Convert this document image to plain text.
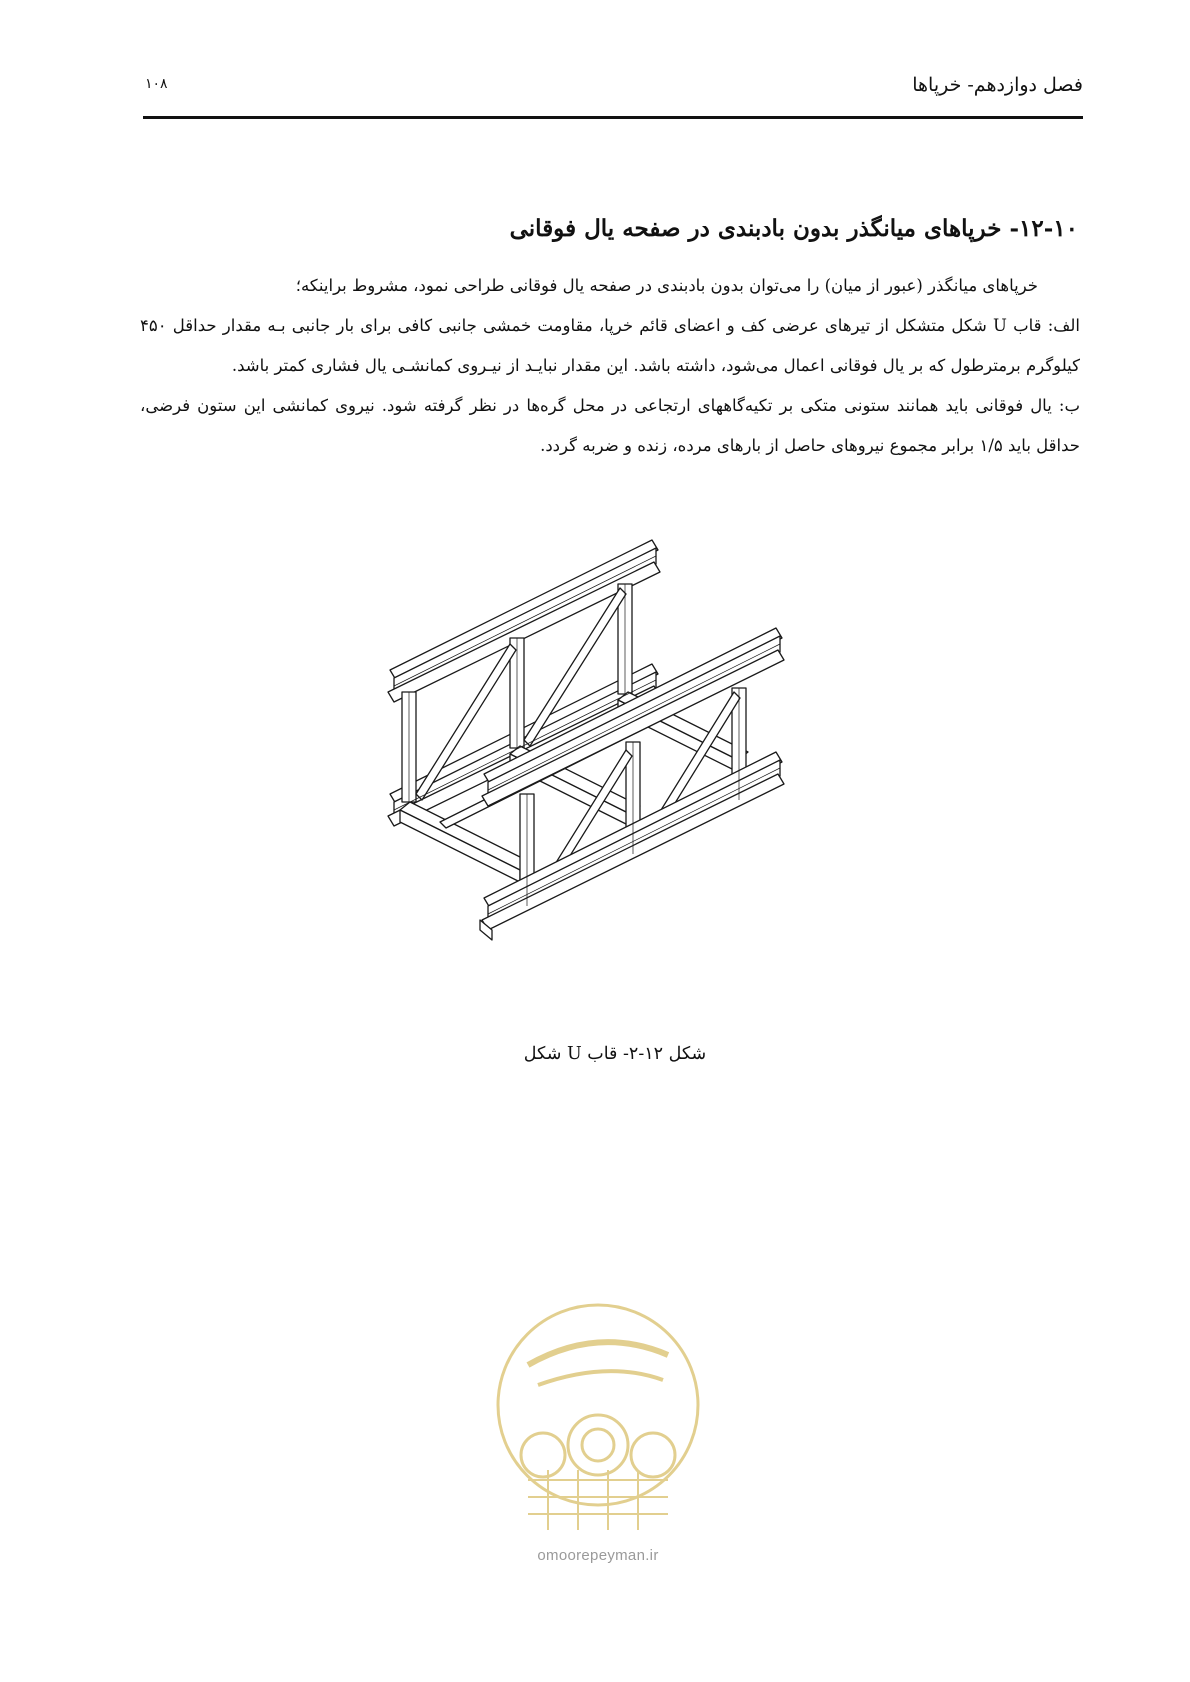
فصل دوازدهم- خرپاها
۱۰۸
۱۲-۱۰- خرپاهای میانگذر بدون بادبندی در صفحه یال فوقانی

خرپاهای میانگذر (عبور از میان) را می‌توان بدون بادبندی در صفحه یال فوقانی طراحی نمود، مشروط براینکه؛

الف: قاب U شکل متشکل از تیرهای عرضی کف و اعضای قائم خرپا، مقاومت خمشی جانبی کافی برای بار جانبی بـه مقدار حداقل ۴۵۰ کیلوگرم برمترطول که بر یال فوقانی اعمال می‌شود، داشته باشد. این مقدار نبایـد از نیـروی کمانشـی یال فشاری کمتر باشد.

ب: یال فوقانی باید همانند ستونی متکی بر تکیه‌گاههای ارتجاعی در محل گره‌ها در نظر گرفته شود. نیروی کمانشی این ستون فرضی، حداقل باید ۱/۵ برابر مجموع نیروهای حاصل از بارهای مرده، زنده و ضربه گردد.

شکل ۱۲-۲- قاب U شکل
omoorepeyman.ir
